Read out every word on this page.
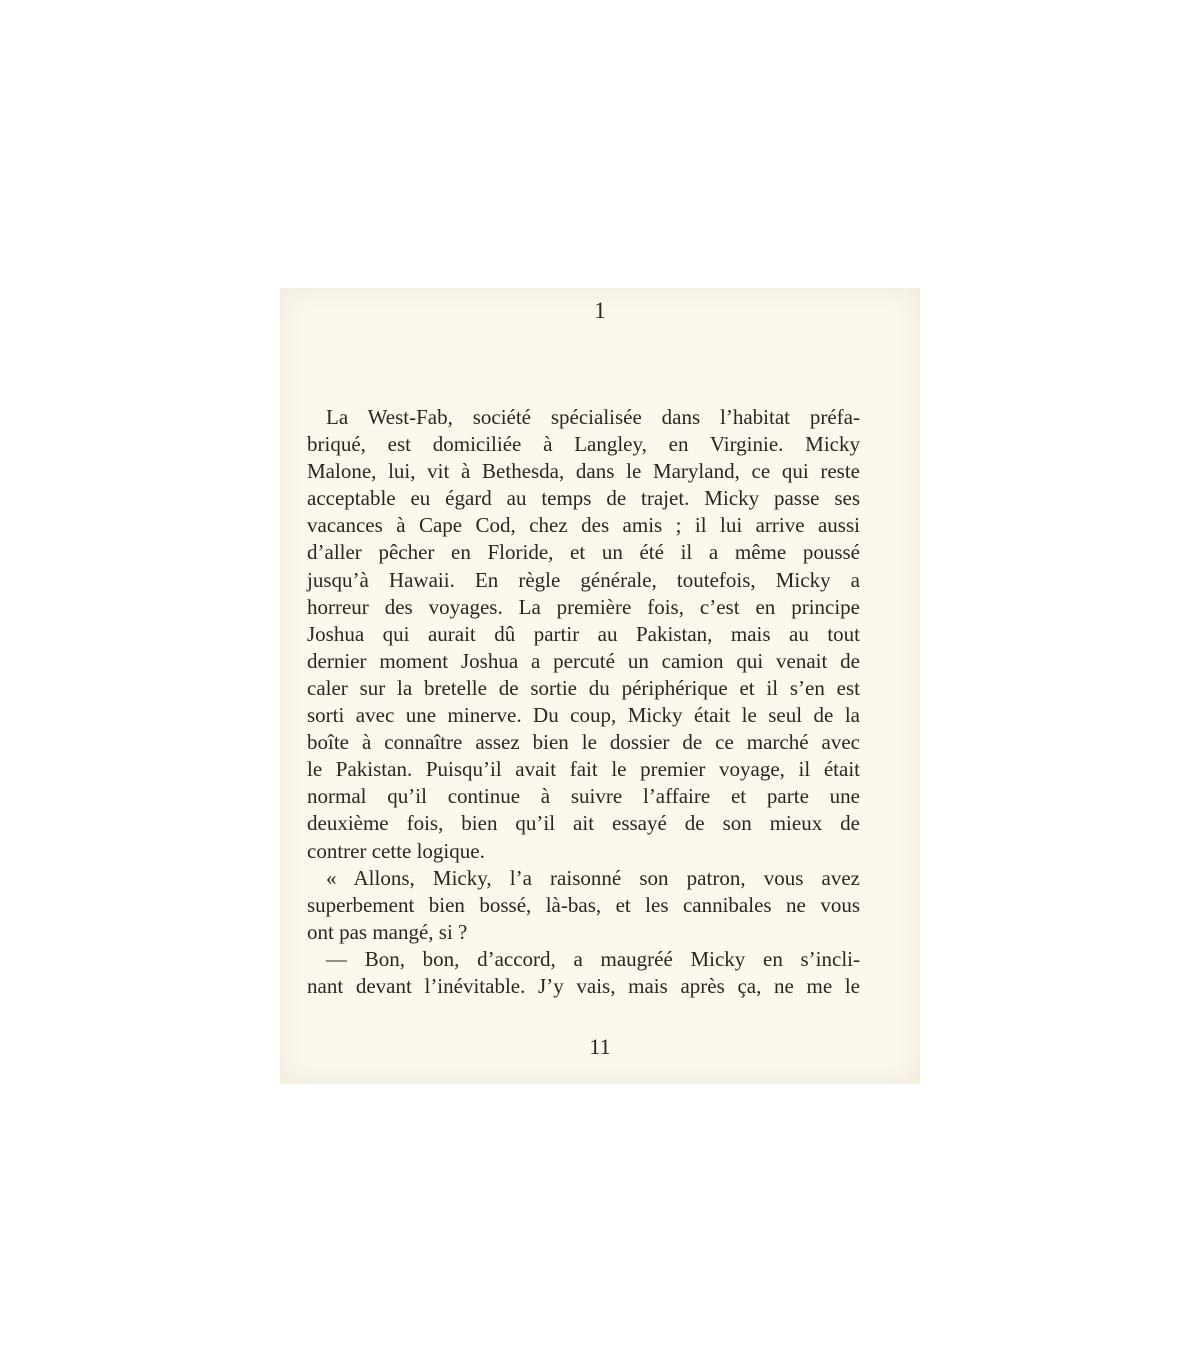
1
La West-Fab, société spécialisée dans l’habitat préfa-
briqué, est domiciliée à Langley, en Virginie. Micky
Malone, lui, vit à Bethesda, dans le Maryland, ce qui reste
acceptable eu égard au temps de trajet. Micky passe ses
vacances à Cape Cod, chez des amis ; il lui arrive aussi
d’aller pêcher en Floride, et un été il a même poussé
jusqu’à Hawaii. En règle générale, toutefois, Micky a
horreur des voyages. La première fois, c’est en principe
Joshua qui aurait dû partir au Pakistan, mais au tout
dernier moment Joshua a percuté un camion qui venait de
caler sur la bretelle de sortie du périphérique et il s’en est
sorti avec une minerve. Du coup, Micky était le seul de la
boîte à connaître assez bien le dossier de ce marché avec
le Pakistan. Puisqu’il avait fait le premier voyage, il était
normal qu’il continue à suivre l’affaire et parte une
deuxième fois, bien qu’il ait essayé de son mieux de
contrer cette logique.
« Allons, Micky, l’a raisonné son patron, vous avez
superbement bien bossé, là-bas, et les cannibales ne vous
ont pas mangé, si ?
— Bon, bon, d’accord, a maugréé Micky en s’incli-
nant devant l’inévitable. J’y vais, mais après ça, ne me le
11
